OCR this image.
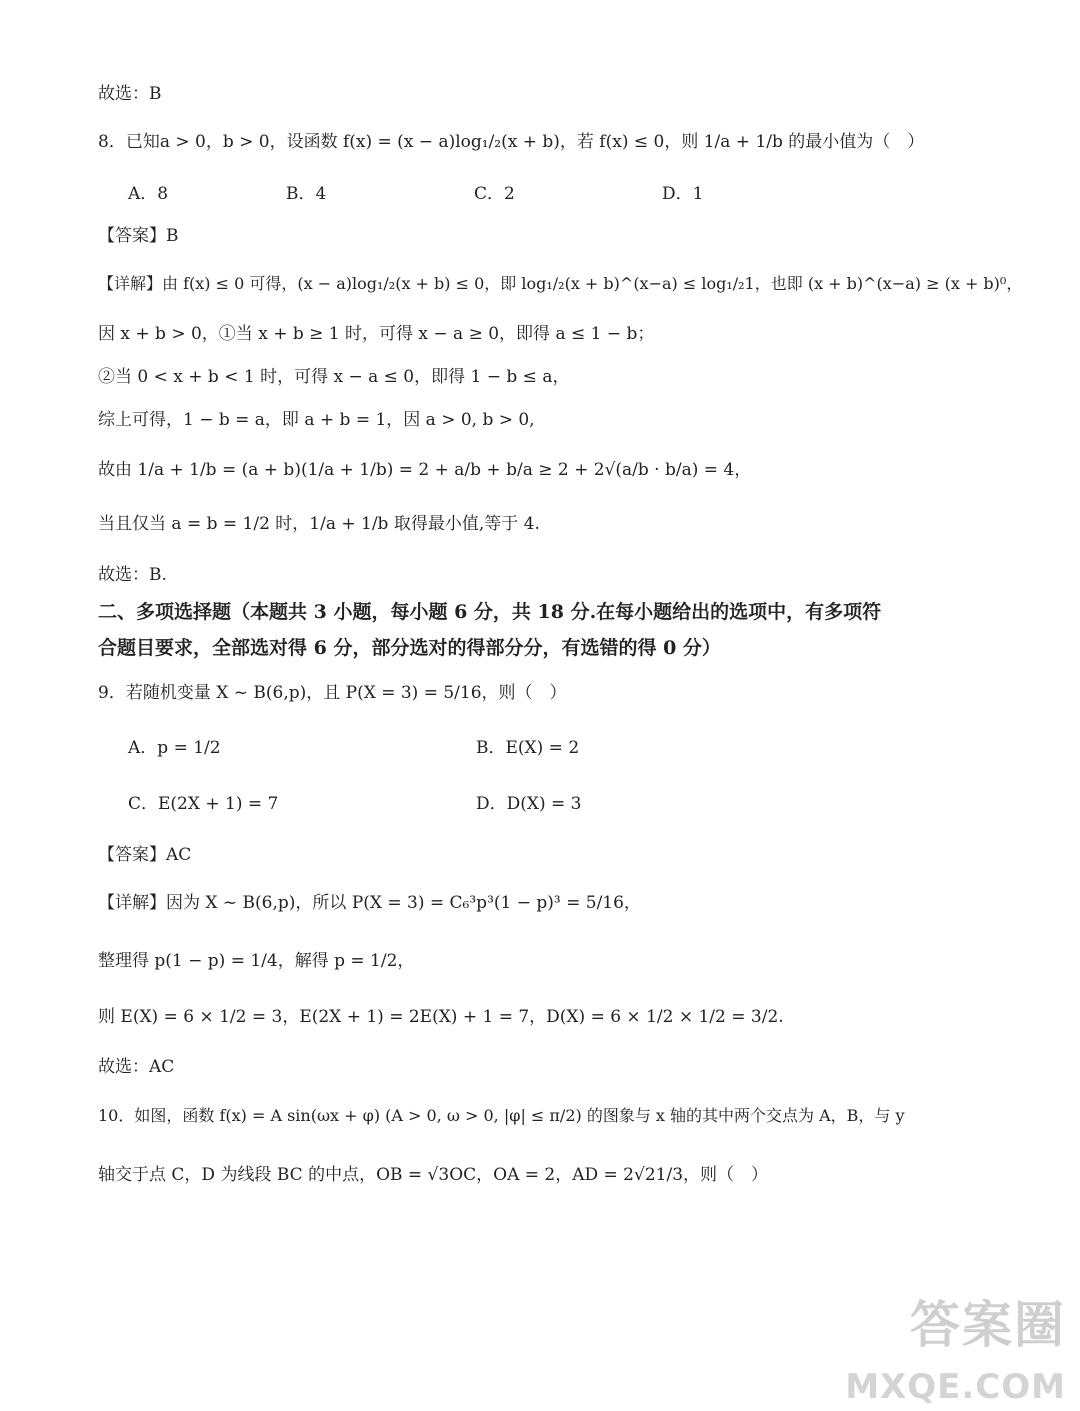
故选：B
8．已知a > 0，b > 0，设函数 f(x) = (x − a)log₁/₂(x + b)，若 f(x) ≤ 0，则 1/a + 1/b 的最小值为（　）
A．8	B．4	C．2	D．1
【答案】B
【详解】由 f(x) ≤ 0 可得，(x − a)log₁/₂(x + b) ≤ 0，即 log₁/₂(x + b)^(x−a) ≤ log₁/₂1，也即 (x + b)^(x−a) ≥ (x + b)⁰，
因 x + b > 0，①当 x + b ≥ 1 时，可得 x − a ≥ 0，即得 a ≤ 1 − b；
②当 0 < x + b < 1 时，可得 x − a ≤ 0，即得 1 − b ≤ a，
综上可得，1 − b = a，即 a + b = 1，因 a > 0, b > 0,
故由 1/a + 1/b = (a + b)(1/a + 1/b) = 2 + a/b + b/a ≥ 2 + 2√(a/b · b/a) = 4，
当且仅当 a = b = 1/2 时，1/a + 1/b 取得最小值,等于 4.
故选：B.
二、多项选择题（本题共 3 小题，每小题 6 分，共 18 分.在每小题给出的选项中，有多项符
合题目要求，全部选对得 6 分，部分选对的得部分分，有选错的得 0 分）
9．若随机变量 X ~ B(6,p)，且 P(X = 3) = 5/16，则（　）
A．p = 1/2	B．E(X) = 2
C．E(2X + 1) = 7	D．D(X) = 3
【答案】AC
【详解】因为 X ~ B(6,p)，所以 P(X = 3) = C₆³p³(1 − p)³ = 5/16，
整理得 p(1 − p) = 1/4，解得 p = 1/2，
则 E(X) = 6 × 1/2 = 3，E(2X + 1) = 2E(X) + 1 = 7，D(X) = 6 × 1/2 × 1/2 = 3/2.
故选：AC
10．如图，函数 f(x) = A sin(ωx + φ) (A > 0, ω > 0, |φ| ≤ π/2) 的图象与 x 轴的其中两个交点为 A，B，与 y
轴交于点 C，D 为线段 BC 的中点，OB = √3OC，OA = 2，AD = 2√21/3，则（　）
答案圈
MXQE.COM
